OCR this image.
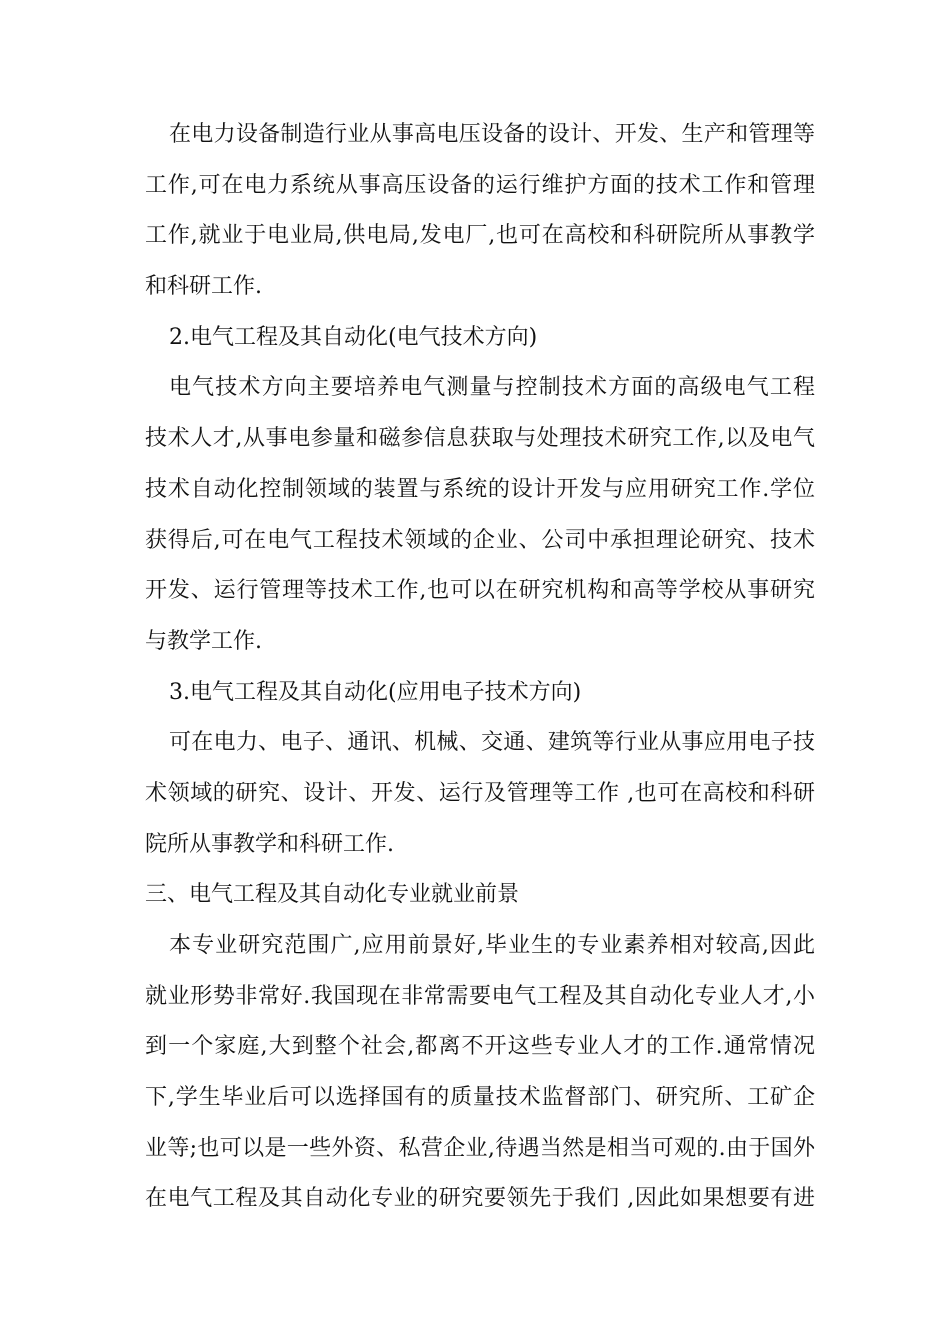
在电力设备制造行业从事高电压设备的设计、开发、生产和管理等
工作,可在电力系统从事高压设备的运行维护方面的技术工作和管理
工作,就业于电业局,供电局,发电厂,也可在高校和科研院所从事教学
和科研工作.
2.电气工程及其自动化(电气技术方向)
电气技术方向主要培养电气测量与控制技术方面的高级电气工程
技术人才,从事电参量和磁参信息获取与处理技术研究工作,以及电气
技术自动化控制领域的装置与系统的设计开发与应用研究工作.学位
获得后,可在电气工程技术领域的企业、公司中承担理论研究、技术
开发、运行管理等技术工作,也可以在研究机构和高等学校从事研究
与教学工作.
3.电气工程及其自动化(应用电子技术方向)
可在电力、电子、通讯、机械、交通、建筑等行业从事应用电子技
术领域的研究、设计、开发、运行及管理等工作 ,也可在高校和科研
院所从事教学和科研工作.
三、电气工程及其自动化专业就业前景
本专业研究范围广,应用前景好,毕业生的专业素养相对较高,因此
就业形势非常好.我国现在非常需要电气工程及其自动化专业人才,小
到一个家庭,大到整个社会,都离不开这些专业人才的工作.通常情况
下,学生毕业后可以选择国有的质量技术监督部门、研究所、工矿企
业等;也可以是一些外资、私营企业,待遇当然是相当可观的.由于国外
在电气工程及其自动化专业的研究要领先于我们 ,因此如果想要有进
